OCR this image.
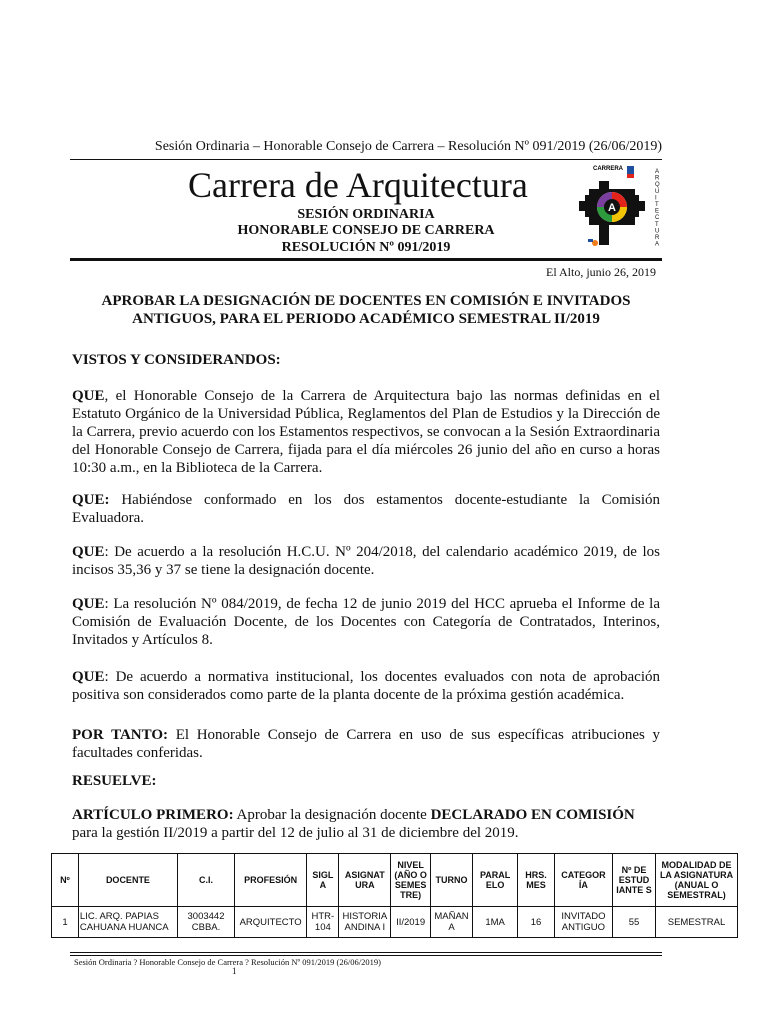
Sesión Ordinaria – Honorable Consejo de Carrera – Resolución Nº 091/2019 (26/06/2019)
Carrera de Arquitectura
SESIÓN ORDINARIA
HONORABLE CONSEJO DE CARRERA
RESOLUCIÓN Nº 091/2019
CARRERA
A
A
R
Q
U
I
T
E
C
T
U
R
A
El Alto, junio 26, 2019
APROBAR LA DESIGNACIÓN DE DOCENTES EN COMISIÓN E INVITADOS
ANTIGUOS, PARA EL PERIODO ACADÉMICO SEMESTRAL II/2019
VISTOS Y CONSIDERANDOS:
QUE, el Honorable Consejo de la Carrera de Arquitectura bajo las normas definidas en el Estatuto Orgánico de la Universidad Pública, Reglamentos del Plan de Estudios y la Dirección de la Carrera, previo acuerdo con los Estamentos respectivos, se convocan a la Sesión Extraordinaria del Honorable Consejo de Carrera, fijada para el día miércoles 26 junio del año en curso a horas 10:30 a.m., en la Biblioteca de la Carrera.
QUE: Habiéndose conformado en los dos estamentos docente-estudiante la Comisión Evaluadora.
QUE: De acuerdo a la resolución H.C.U. Nº 204/2018, del calendario académico 2019, de los incisos 35,36 y 37 se tiene la designación docente.
QUE: La resolución Nº 084/2019, de fecha 12 de junio 2019 del HCC aprueba el Informe de la Comisión de Evaluación Docente, de los Docentes con Categoría de Contratados, Interinos, Invitados y Artículos 8.
QUE: De acuerdo a normativa institucional, los docentes evaluados con nota de aprobación positiva son considerados como parte de la planta docente de la próxima gestión académica.
POR TANTO: El Honorable Consejo de Carrera en uso de sus específicas atribuciones y facultades conferidas.
RESUELVE:
ARTÍCULO PRIMERO: Aprobar la designación docente DECLARADO EN COMISIÓN
para la gestión II/2019 a partir del 12 de julio al 31 de diciembre del 2019.
Nº	DOCENTE	C.I.	PROFESIÓN	SIGL A	ASIGNAT URA	NIVEL (AÑO O SEMES TRE)	TURNO	PARAL ELO	HRS. MES	CATEGOR ÍA	Nº DE ESTUD IANTE S	MODALIDAD DE LA ASIGNATURA (ANUAL O SEMESTRAL)
1	LIC. ARQ. PAPIAS CAHUANA HUANCA	3003442 CBBA.	ARQUITECTO	HTR-104	HISTORIA ANDINA I	II/2019	MAÑAN A	1MA	16	INVITADO ANTIGUO	55	SEMESTRAL
Sesión Ordinaria ? Honorable Consejo de Carrera ? Resolución Nº 091/2019 (26/06/2019)
1
